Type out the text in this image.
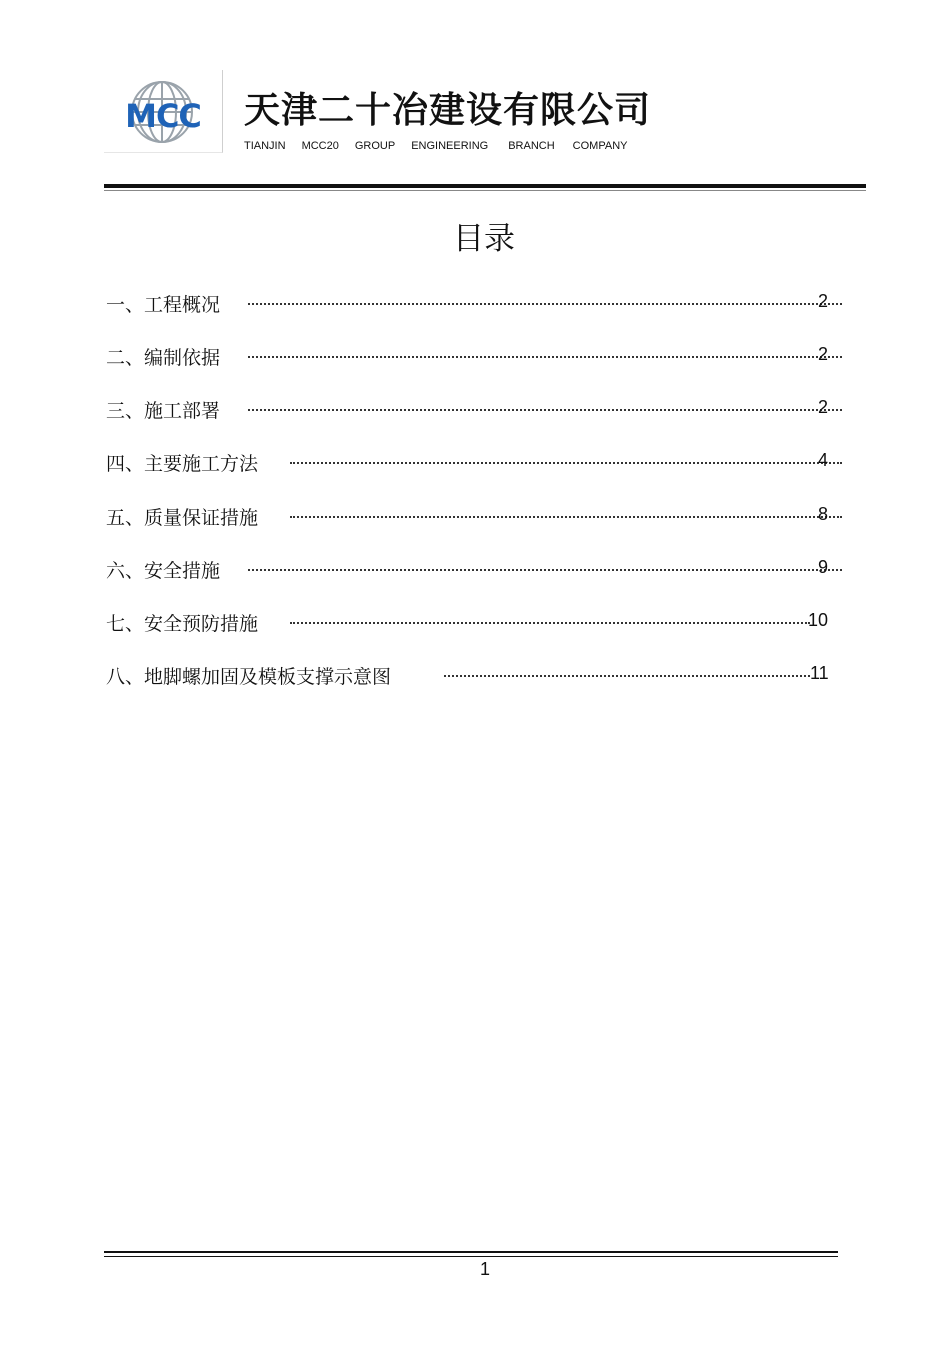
MCC 天津二十冶建设有限公司
TIANJIN MCC20 GROUP ENGINEERING BRANCH COMPANY
目录
一、工程概况	2
二、编制依据	2
三、施工部署	2
四、主要施工方法	4
五、质量保证措施	8
六、安全措施	9
七、安全预防措施	10
八、地脚螺加固及模板支撑示意图	11
1
